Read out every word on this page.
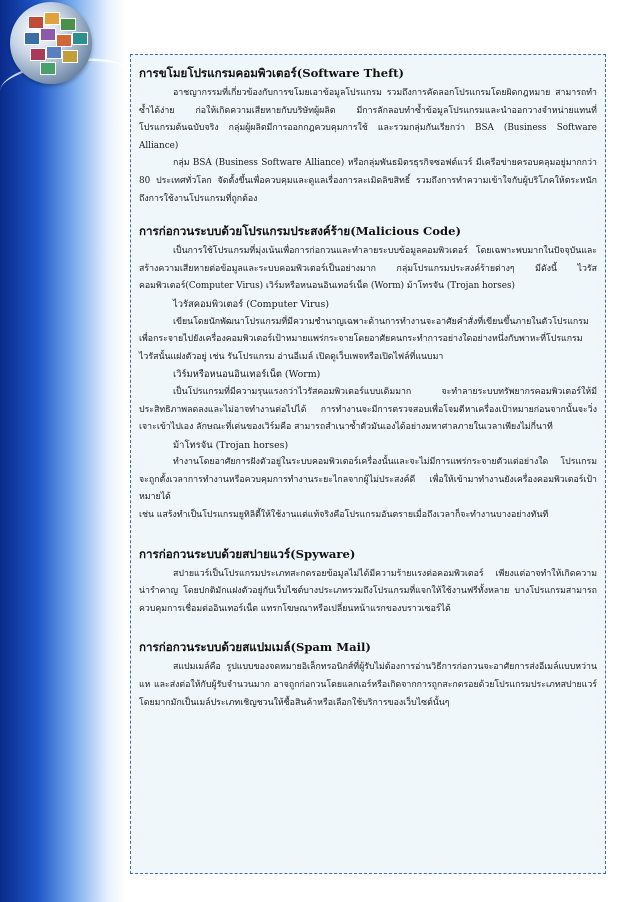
การขโมยโปรแกรมคอมพิวเตอร์(Software Theft)

อาชญากรรมที่เกี่ยวข้องกับการขโมยเอาข้อมูลโปรแกรม รวมถึงการคัดลอกโปรแกรมโดยผิดกฎหมาย สามารถทำซ้ำได้ง่าย ก่อให้เกิดความเสียหายกับบริษัทผู้ผลิต มีการลักลอบทำซ้ำข้อมูลโปรแกรมและนำออกวางจำหน่ายแทนที่โปรแกรมต้นฉบับจริง กลุ่มผู้ผลิตมีการออกกฎควบคุมการใช้ และรวมกลุ่มกันเรียกว่า BSA (Business Software Alliance)

กลุ่ม BSA (Business Software Alliance) หรือกลุ่มพันธมิตรธุรกิจซอฟต์แวร์ มีเครือข่ายครอบคลุมอยู่มากกว่า 80 ประเทศทั่วโลก จัดตั้งขึ้นเพื่อควบคุมและดูแลเรื่องการละเมิดลิขสิทธิ์ รวมถึงการทำความเข้าใจกับผู้บริโภคให้ตระหนักถึงการใช้งานโปรแกรมที่ถูกต้อง

การก่อกวนระบบด้วยโปรแกรมประสงค์ร้าย(Malicious Code)

เป็นการใช้โปรแกรมที่มุ่งเน้นเพื่อการก่อกวนและทำลายระบบข้อมูลคอมพิวเตอร์ โดยเฉพาะพบมากในปัจจุบันและสร้างความเสียหายต่อข้อมูลและระบบคอมพิวเตอร์เป็นอย่างมาก กลุ่มโปรแกรมประสงค์ร้ายต่างๆ มีดังนี้ ไวรัสคอมพิวเตอร์(Computer Virus) เวิร์มหรือหนอนอินเทอร์เน็ต (Worm) ม้าโทรจัน (Trojan horses)

ไวรัสคอมพิวเตอร์ (Computer Virus)

เขียนโดยนักพัฒนาโปรแกรมที่มีความชำนาญเฉพาะด้านการทำงานจะอาศัยคำสั่งที่เขียนขึ้นภายในตัวโปรแกรมเพื่อกระจายไปยังเครื่องคอมพิวเตอร์เป้าหมายแพร่กระจายโดยอาศัยคนกระทำการอย่างใดอย่างหนึ่งกับพาหะที่โปรแกรมไวรัสนั้นแฝงตัวอยู่ เช่น รันโปรแกรม อ่านอีเมล์ เปิดดูเว็บเพจหรือเปิดไฟล์ที่แนบมา

เวิร์มหรือหนอนอินเทอร์เน็ต (Worm)

เป็นโปรแกรมที่มีความรุนแรงกว่าไวรัสคอมพิวเตอร์แบบเดิมมาก จะทำลายระบบทรัพยากรคอมพิวเตอร์ให้มีประสิทธิภาพลดลงและไม่อาจทำงานต่อไปได้ การทำงานจะมีการตรวจสอบเพื่อโจมตีหาเครื่องเป้าหมายก่อนจากนั้นจะวิ่งเจาะเข้าไปเอง ลักษณะที่เด่นของเวิร์มคือ สามารถสำเนาซ้ำตัวมันเองได้อย่างมหาศาลภายในเวลาเพียงไม่กี่นาที

ม้าโทรจัน (Trojan horses)

ทำงานโดยอาศัยการฝังตัวอยู่ในระบบคอมพิวเตอร์เครื่องนั้นและจะไม่มีการแพร่กระจายตัวแต่อย่างใด โปรแกรมจะถูกตั้งเวลาการทำงานหรือควบคุมการทำงานระยะไกลจากผู้ไม่ประสงค์ดี เพื่อให้เข้ามาทำงานยังเครื่องคอมพิวเตอร์เป้าหมายได้

เช่น แสร้งทำเป็นโปรแกรมยูทิลิตี้ให้ใช้งานแต่แท้จริงคือโปรแกรมอันตรายเมื่อถึงเวลาก็จะทำงานบางอย่างทันที

การก่อกวนระบบด้วยสปายแวร์(Spyware)

สปายแวร์เป็นโปรแกรมประเภทสะกดรอยข้อมูลไม่ได้มีความร้ายแรงต่อคอมพิวเตอร์ เพียงแต่อาจทำให้เกิดความน่ารำคาญ โดยปกติมักแฝงตัวอยู่กับเว็บไซต์บางประเภทรวมถึงโปรแกรมที่แจกให้ใช้งานฟรีทั้งหลาย บางโปรแกรมสามารถควบคุมการเชื่อมต่ออินเทอร์เน็ต แทรกโฆษณาหรือเปลี่ยนหน้าแรกของบราวเซอร์ได้

การก่อกวนระบบด้วยสแปมเมล์(Spam Mail)

สแปมเมล์คือ รูปแบบของจดหมายอิเล็กทรอนิกส์ที่ผู้รับไม่ต้องการอ่านวิธีการก่อกวนจะอาศัยการส่งอีเมล์แบบหว่านแห และส่งต่อให้กับผู้รับจำนวนมาก อาจถูกก่อกวนโดยแลกเอร์หรือเกิดจากการถูกสะกดรอยด้วยโปรแกรมประเภทสปายแวร์โดยมากมักเป็นเมล์ประเภทเชิญชวนให้ซื้อสินค้าหรือเลือกใช้บริการของเว็บไซต์นั้นๆ
